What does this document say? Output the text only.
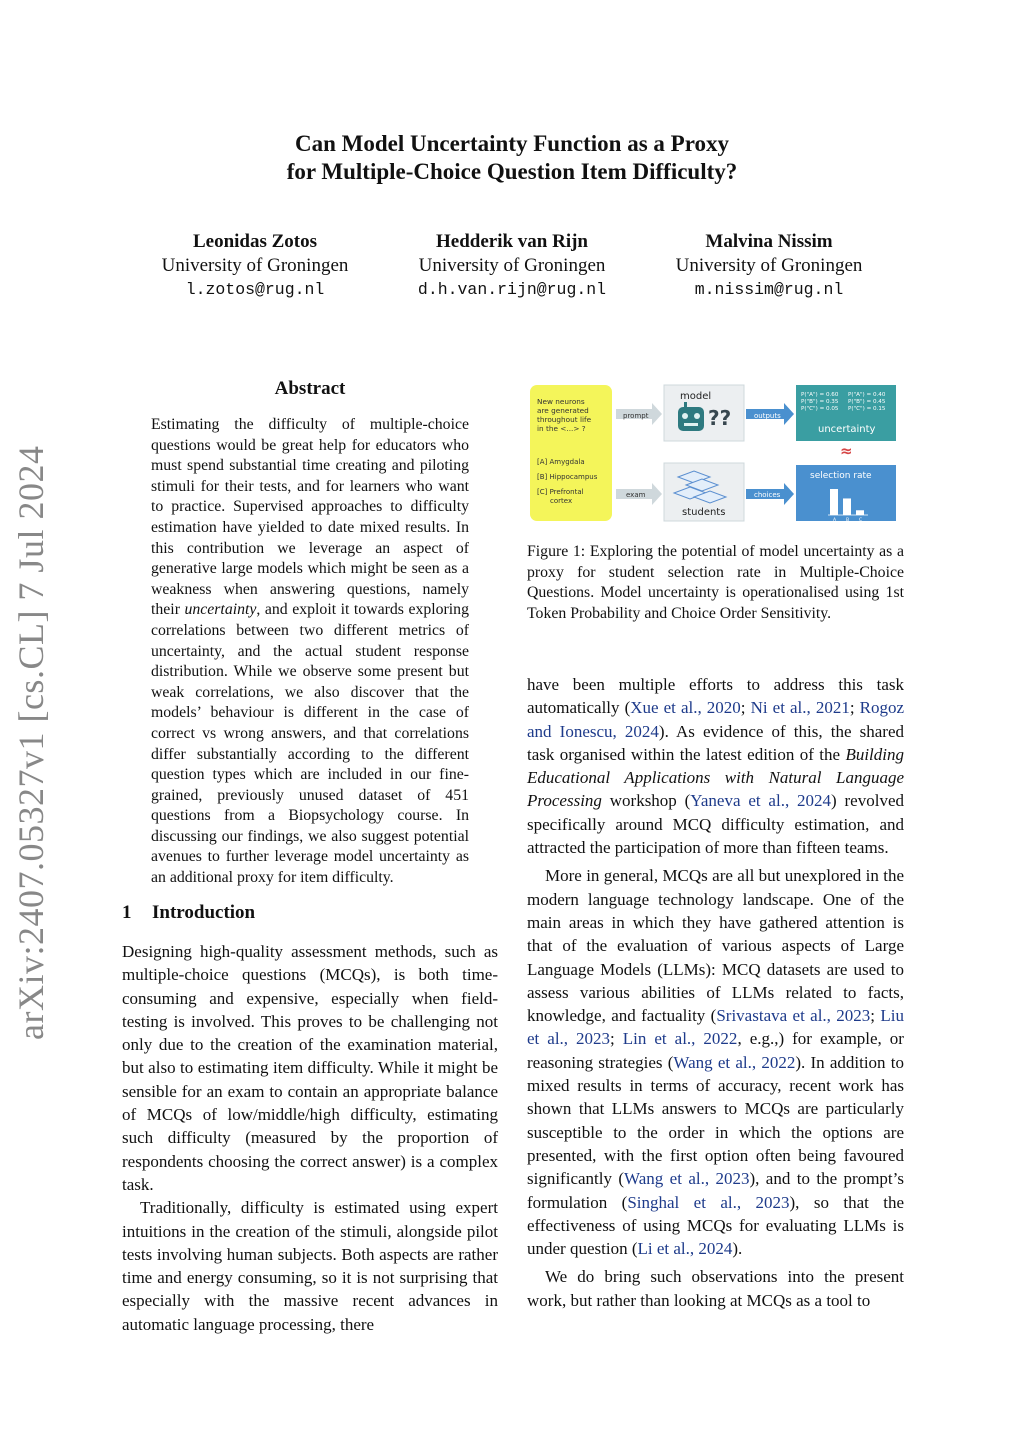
Can Model Uncertainty Function as a Proxy
for Multiple-Choice Question Item Difficulty?
Leonidas Zotos
University of Groningen
l.zotos@rug.nl
Hedderik van Rijn
University of Groningen
d.h.van.rijn@rug.nl
Malvina Nissim
University of Groningen
m.nissim@rug.nl
arXiv:2407.05327v1 [cs.CL] 7 Jul 2024
Abstract
Estimating the difficulty of multiple-choice questions would be great help for educators who must spend substantial time creating and piloting stimuli for their tests, and for learners who want to practice. Supervised approaches to difficulty estimation have yielded to date mixed results. In this contribution we leverage an aspect of generative large models which might be seen as a weakness when answering questions, namely their uncertainty, and exploit it towards exploring correlations between two different metrics of uncertainty, and the actual student response distribution. While we observe some present but weak correlations, we also discover that the models’ behaviour is different in the case of correct vs wrong answers, and that correlations differ substantially according to the different question types which are included in our fine-grained, previously unused dataset of 451 questions from a Biopsychology course. In discussing our findings, we also suggest potential avenues to further leverage model uncertainty as an additional proxy for item difficulty.
1 Introduction

Designing high-quality assessment methods, such as multiple-choice questions (MCQs), is both time-consuming and expensive, especially when field-testing is involved. This proves to be challenging not only due to the creation of the examination material, but also to estimating item difficulty. While it might be sensible for an exam to contain an appropriate balance of MCQs of low/middle/high difficulty, estimating such difficulty (measured by the proportion of respondents choosing the correct answer) is a complex task.

Traditionally, difficulty is estimated using expert intuitions in the creation of the stimuli, alongside pilot tests involving human subjects. Both aspects are rather time and energy consuming, so it is not surprising that especially with the massive recent advances in automatic language processing, there

New neurons are generated throughout life in the <...> ?
[A] Amygdala [B] Hippocampus [C] Prefrontal cortex
prompt
exam
model
??	outputs
P("A") = 0.60 P("B") = 0.35 P("C") = 0.05
P("A") = 0.40 P("B") = 0.45 P("C") = 0.15
uncertainty
≈
students
choices
selection rate
A B C
Figure 1: Exploring the potential of model uncertainty as a proxy for student selection rate in Multiple-Choice Questions. Model uncertainty is operationalised using 1st Token Probability and Choice Order Sensitivity.

have been multiple efforts to address this task automatically (Xue et al., 2020; Ni et al., 2021; Rogoz and Ionescu, 2024). As evidence of this, the shared task organised within the latest edition of the Building Educational Applications with Natural Language Processing workshop (Yaneva et al., 2024) revolved specifically around MCQ difficulty estimation, and attracted the participation of more than fifteen teams.

More in general, MCQs are all but unexplored in the modern language technology landscape. One of the main areas in which they have gathered attention is that of the evaluation of various aspects of Large Language Models (LLMs): MCQ datasets are used to assess various abilities of LLMs related to facts, knowledge, and factuality (Srivastava et al., 2023; Liu et al., 2023; Lin et al., 2022, e.g.,) for example, or reasoning strategies (Wang et al., 2022). In addition to mixed results in terms of accuracy, recent work has shown that LLMs answers to MCQs are particularly susceptible to the order in which the options are presented, with the first option often being favoured significantly (Wang et al., 2023), and to the prompt’s formulation (Singhal et al., 2023), so that the effectiveness of using MCQs for evaluating LLMs is under question (Li et al., 2024).

We do bring such observations into the present work, but rather than looking at MCQs as a tool to
